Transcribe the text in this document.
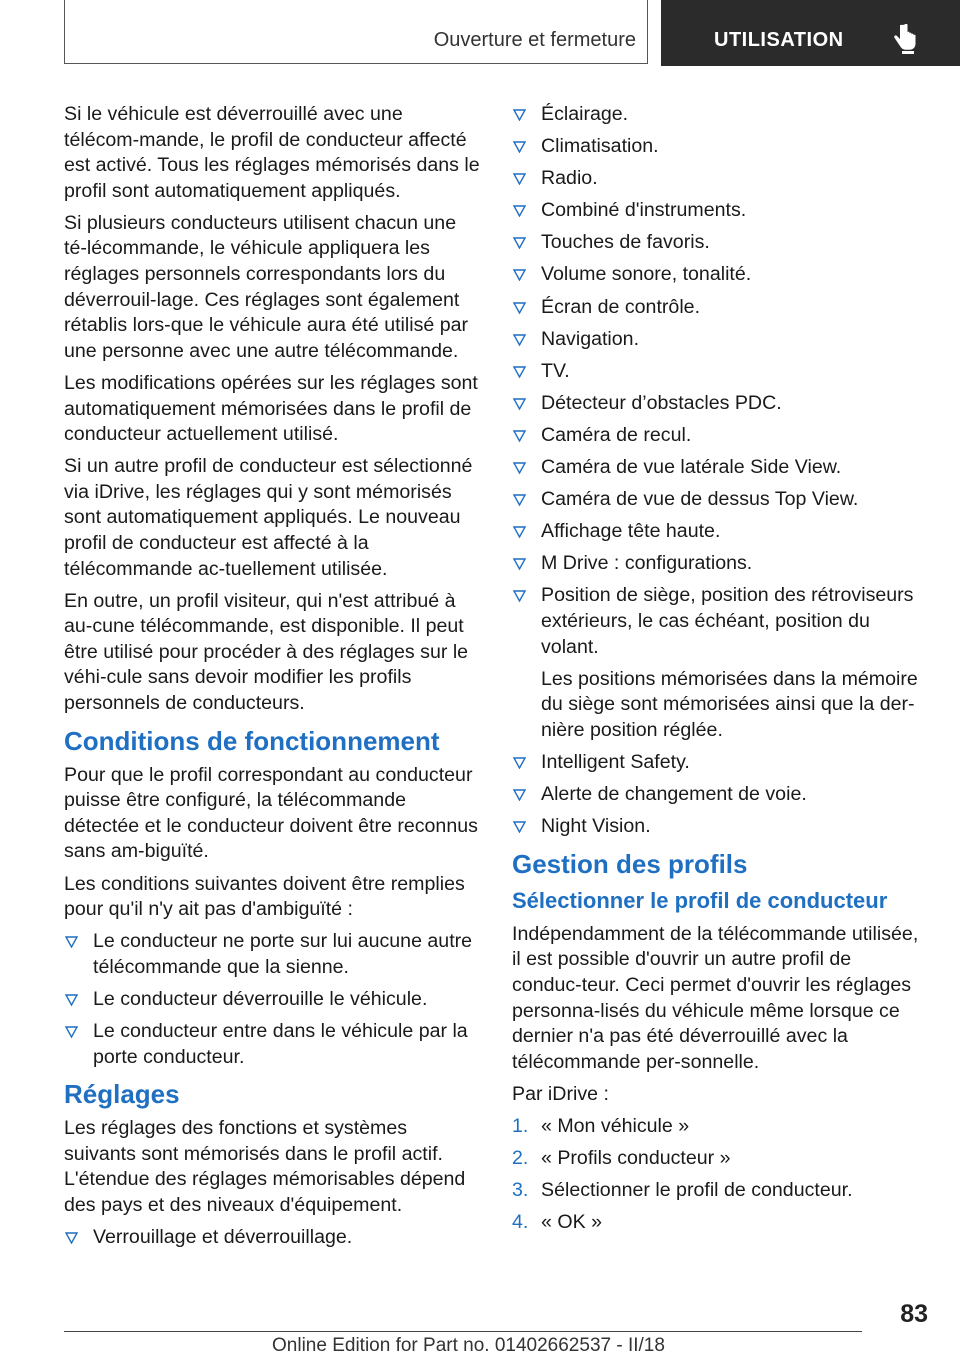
Ouverture et fermeture	UTILISATION

Si le véhicule est déverrouillé avec une télécom-mande, le profil de conducteur affecté est activé. Tous les réglages mémorisés dans le profil sont automatiquement appliqués.

Si plusieurs conducteurs utilisent chacun une té-lécommande, le véhicule appliquera les réglages personnels correspondants lors du déverrouil-lage. Ces réglages sont également rétablis lors-que le véhicule aura été utilisé par une personne avec une autre télécommande.

Les modifications opérées sur les réglages sont automatiquement mémorisées dans le profil de conducteur actuellement utilisé.

Si un autre profil de conducteur est sélectionné via iDrive, les réglages qui y sont mémorisés sont automatiquement appliqués. Le nouveau profil de conducteur est affecté à la télécommande ac-tuellement utilisée.

En outre, un profil visiteur, qui n'est attribué à au-cune télécommande, est disponible. Il peut être utilisé pour procéder à des réglages sur le véhi-cule sans devoir modifier les profils personnels de conducteurs.

Conditions de fonctionnement

Pour que le profil correspondant au conducteur puisse être configuré, la télécommande détectée et le conducteur doivent être reconnus sans am-biguïté.

Les conditions suivantes doivent être remplies pour qu'il n'y ait pas d'ambiguïté :

Le conducteur ne porte sur lui aucune autre télécommande que la sienne.
Le conducteur déverrouille le véhicule.
Le conducteur entre dans le véhicule par la porte conducteur.
Réglages

Les réglages des fonctions et systèmes suivants sont mémorisés dans le profil actif. L'étendue des réglages mémorisables dépend des pays et des niveaux d'équipement.

Verrouillage et déverrouillage.
Éclairage.
Climatisation.
Radio.
Combiné d'instruments.
Touches de favoris.
Volume sonore, tonalité.
Écran de contrôle.
Navigation.
TV.
Détecteur d’obstacles PDC.
Caméra de recul.
Caméra de vue latérale Side View.
Caméra de vue de dessus Top View.
Affichage tête haute.
M Drive : configurations.
Position de siège, position des rétroviseurs extérieurs, le cas échéant, position du volant.
Les positions mémorisées dans la mémoire du siège sont mémorisées ainsi que la der-nière position réglée.
Intelligent Safety.
Alerte de changement de voie.
Night Vision.
Gestion des profils
Sélectionner le profil de conducteur

Indépendamment de la télécommande utilisée, il est possible d'ouvrir un autre profil de conduc-teur. Ceci permet d'ouvrir les réglages personna-lisés du véhicule même lorsque ce dernier n'a pas été déverrouillé avec la télécommande per-sonnelle.

Par iDrive :

1. « Mon véhicule »
2. « Profils conducteur »
3. Sélectionner le profil de conducteur.
4. « OK »
83
Online Edition for Part no. 01402662537 - II/18
